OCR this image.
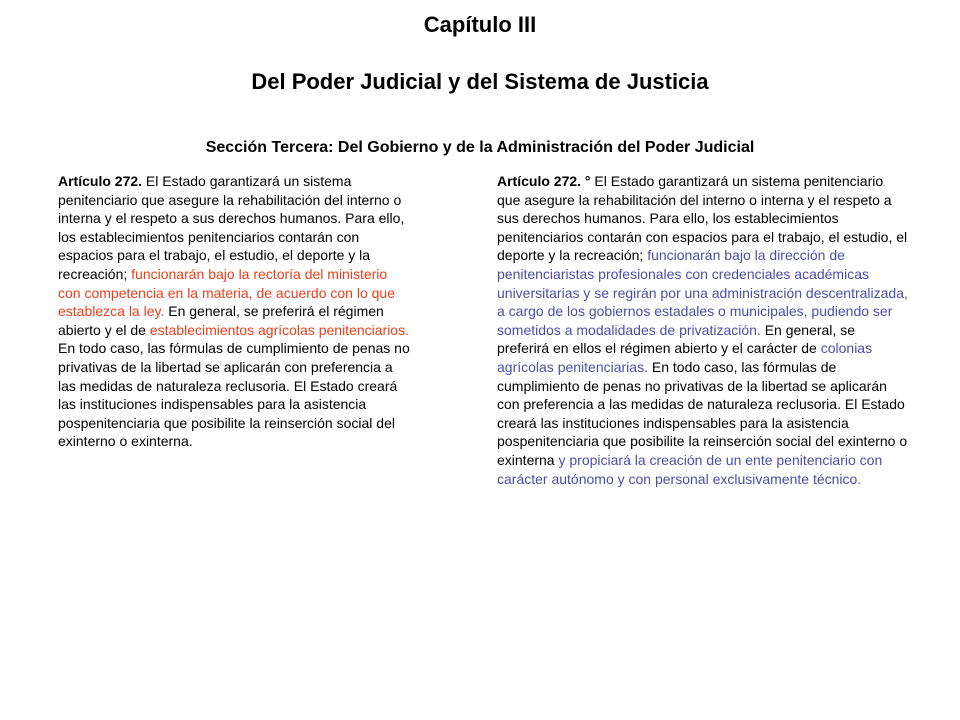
Capítulo III
Del Poder Judicial y del Sistema de Justicia
Sección Tercera: Del Gobierno y de la Administración del Poder Judicial
Artículo 272. El Estado garantizará un sistema penitenciario que asegure la rehabilitación del interno o interna y el respeto a sus derechos humanos. Para ello, los establecimientos penitenciarios contarán con espacios para el trabajo, el estudio, el deporte y la recreación; funcionarán bajo la rectoría del ministerio con competencia en la materia, de acuerdo con lo que establezca la ley. En general, se preferirá el régimen abierto y el de establecimientos agrícolas penitenciarios. En todo caso, las fórmulas de cumplimiento de penas no privativas de la libertad se aplicarán con preferencia a las medidas de naturaleza reclusoria. El Estado creará las instituciones indispensables para la asistencia pospenitenciaria que posibilite la reinserción social del exinterno o exinterna.
Artículo 272. ° El Estado garantizará un sistema penitenciario que asegure la rehabilitación del interno o interna y el respeto a sus derechos humanos. Para ello, los establecimientos penitenciarios contarán con espacios para el trabajo, el estudio, el deporte y la recreación; funcionarán bajo la dirección de penitenciaristas profesionales con credenciales académicas universitarias y se regirán por una administración descentralizada, a cargo de los gobiernos estadales o municipales, pudiendo ser sometidos a modalidades de privatización. En general, se preferirá en ellos el régimen abierto y el carácter de colonias agrícolas penitenciarias. En todo caso, las fórmulas de cumplimiento de penas no privativas de la libertad se aplicarán con preferencia a las medidas de naturaleza reclusoria. El Estado creará las instituciones indispensables para la asistencia pospenitenciaria que posibilite la reinserción social del exinterno o exinterna y propiciará la creación de un ente penitenciario con carácter autónomo y con personal exclusivamente técnico.
